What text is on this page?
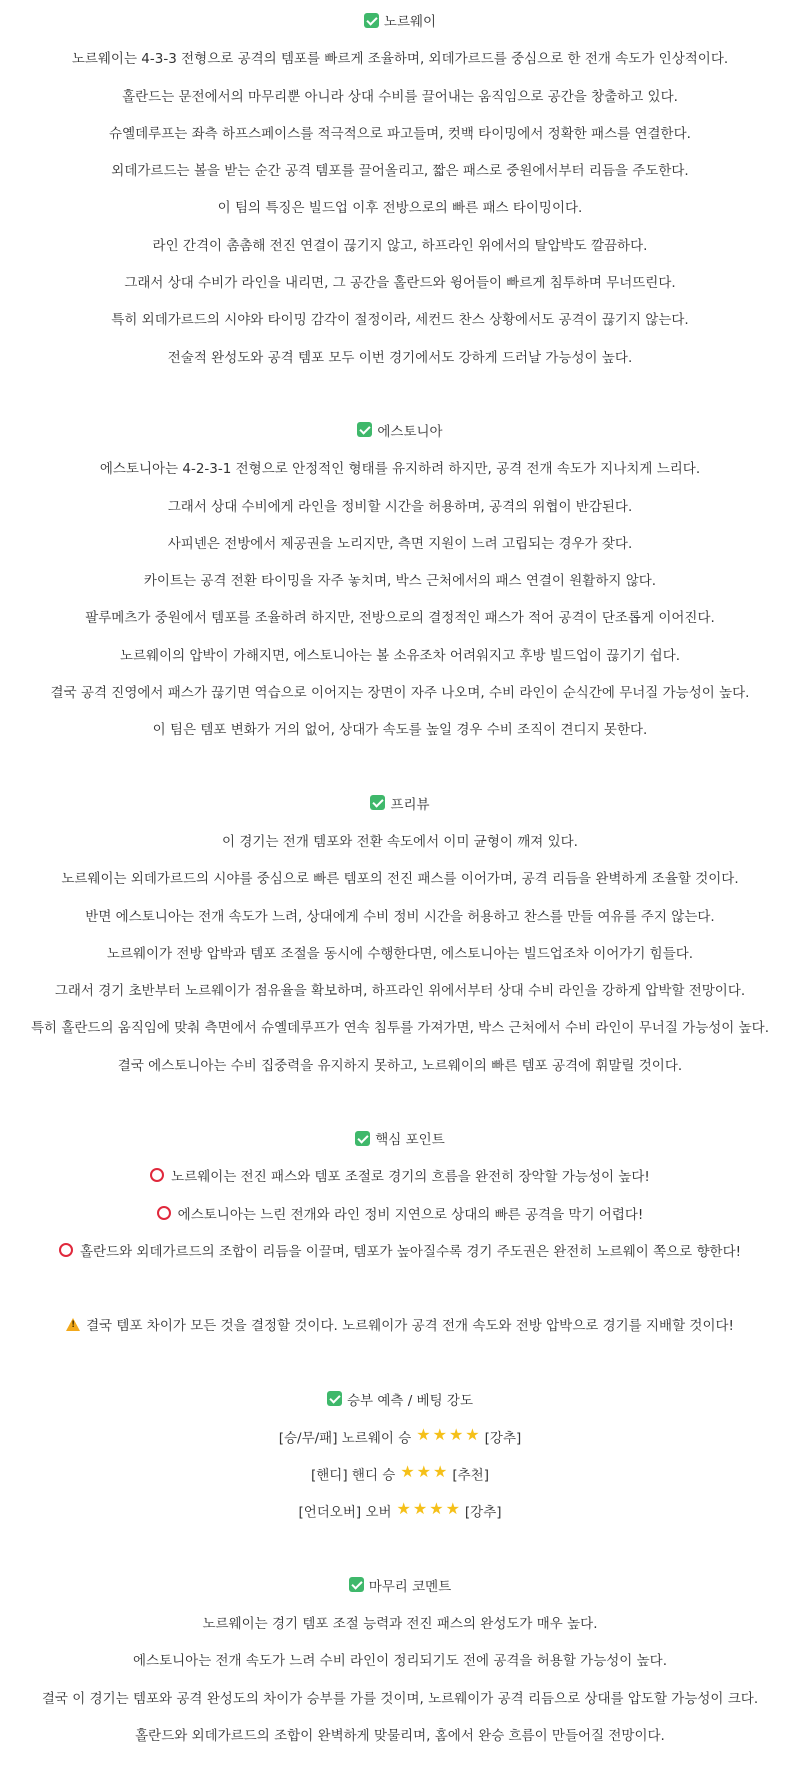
노르웨이

노르웨이는 4-3-3 전형으로 공격의 템포를 빠르게 조율하며, 외데가르드를 중심으로 한 전개 속도가 인상적이다.

홀란드는 문전에서의 마무리뿐 아니라 상대 수비를 끌어내는 움직임으로 공간을 창출하고 있다.

슈옐데루프는 좌측 하프스페이스를 적극적으로 파고들며, 컷백 타이밍에서 정확한 패스를 연결한다.

외데가르드는 볼을 받는 순간 공격 템포를 끌어올리고, 짧은 패스로 중원에서부터 리듬을 주도한다.

이 팀의 특징은 빌드업 이후 전방으로의 빠른 패스 타이밍이다.

라인 간격이 촘촘해 전진 연결이 끊기지 않고, 하프라인 위에서의 탈압박도 깔끔하다.

그래서 상대 수비가 라인을 내리면, 그 공간을 홀란드와 윙어들이 빠르게 침투하며 무너뜨린다.

특히 외데가르드의 시야와 타이밍 감각이 절정이라, 세컨드 찬스 상황에서도 공격이 끊기지 않는다.

전술적 완성도와 공격 템포 모두 이번 경기에서도 강하게 드러날 가능성이 높다.

에스토니아

에스토니아는 4-2-3-1 전형으로 안정적인 형태를 유지하려 하지만, 공격 전개 속도가 지나치게 느리다.

그래서 상대 수비에게 라인을 정비할 시간을 허용하며, 공격의 위협이 반감된다.

사피넨은 전방에서 제공권을 노리지만, 측면 지원이 느려 고립되는 경우가 잦다.

카이트는 공격 전환 타이밍을 자주 놓치며, 박스 근처에서의 패스 연결이 원활하지 않다.

팔루메츠가 중원에서 템포를 조율하려 하지만, 전방으로의 결정적인 패스가 적어 공격이 단조롭게 이어진다.

노르웨이의 압박이 가해지면, 에스토니아는 볼 소유조차 어려워지고 후방 빌드업이 끊기기 쉽다.

결국 공격 진영에서 패스가 끊기면 역습으로 이어지는 장면이 자주 나오며, 수비 라인이 순식간에 무너질 가능성이 높다.

이 팀은 템포 변화가 거의 없어, 상대가 속도를 높일 경우 수비 조직이 견디지 못한다.

프리뷰

이 경기는 전개 템포와 전환 속도에서 이미 균형이 깨져 있다.

노르웨이는 외데가르드의 시야를 중심으로 빠른 템포의 전진 패스를 이어가며, 공격 리듬을 완벽하게 조율할 것이다.

반면 에스토니아는 전개 속도가 느려, 상대에게 수비 정비 시간을 허용하고 찬스를 만들 여유를 주지 않는다.

노르웨이가 전방 압박과 템포 조절을 동시에 수행한다면, 에스토니아는 빌드업조차 이어가기 힘들다.

그래서 경기 초반부터 노르웨이가 점유율을 확보하며, 하프라인 위에서부터 상대 수비 라인을 강하게 압박할 전망이다.

특히 홀란드의 움직임에 맞춰 측면에서 슈옐데루프가 연속 침투를 가져가면, 박스 근처에서 수비 라인이 무너질 가능성이 높다.

결국 에스토니아는 수비 집중력을 유지하지 못하고, 노르웨이의 빠른 템포 공격에 휘말릴 것이다.

핵심 포인트

노르웨이는 전진 패스와 템포 조절로 경기의 흐름을 완전히 장악할 가능성이 높다!

에스토니아는 느린 전개와 라인 정비 지연으로 상대의 빠른 공격을 막기 어렵다!

홀란드와 외데가르드의 조합이 리듬을 이끌며, 템포가 높아질수록 경기 주도권은 완전히 노르웨이 쪽으로 향한다!

!결국 템포 차이가 모든 것을 결정할 것이다. 노르웨이가 공격 전개 속도와 전방 압박으로 경기를 지배할 것이다!

승부 예측 / 베팅 강도

[승/무/패] 노르웨이 승 ★ ★ ★ ★ [강추]

[핸디] 핸디 승 ★ ★ ★ [추천]

[언더오버] 오버 ★ ★ ★ ★ [강추]

마무리 코멘트

노르웨이는 경기 템포 조절 능력과 전진 패스의 완성도가 매우 높다.

에스토니아는 전개 속도가 느려 수비 라인이 정리되기도 전에 공격을 허용할 가능성이 높다.

결국 이 경기는 템포와 공격 완성도의 차이가 승부를 가를 것이며, 노르웨이가 공격 리듬으로 상대를 압도할 가능성이 크다.

홀란드와 외데가르드의 조합이 완벽하게 맞물리며, 홈에서 완승 흐름이 만들어질 전망이다.
